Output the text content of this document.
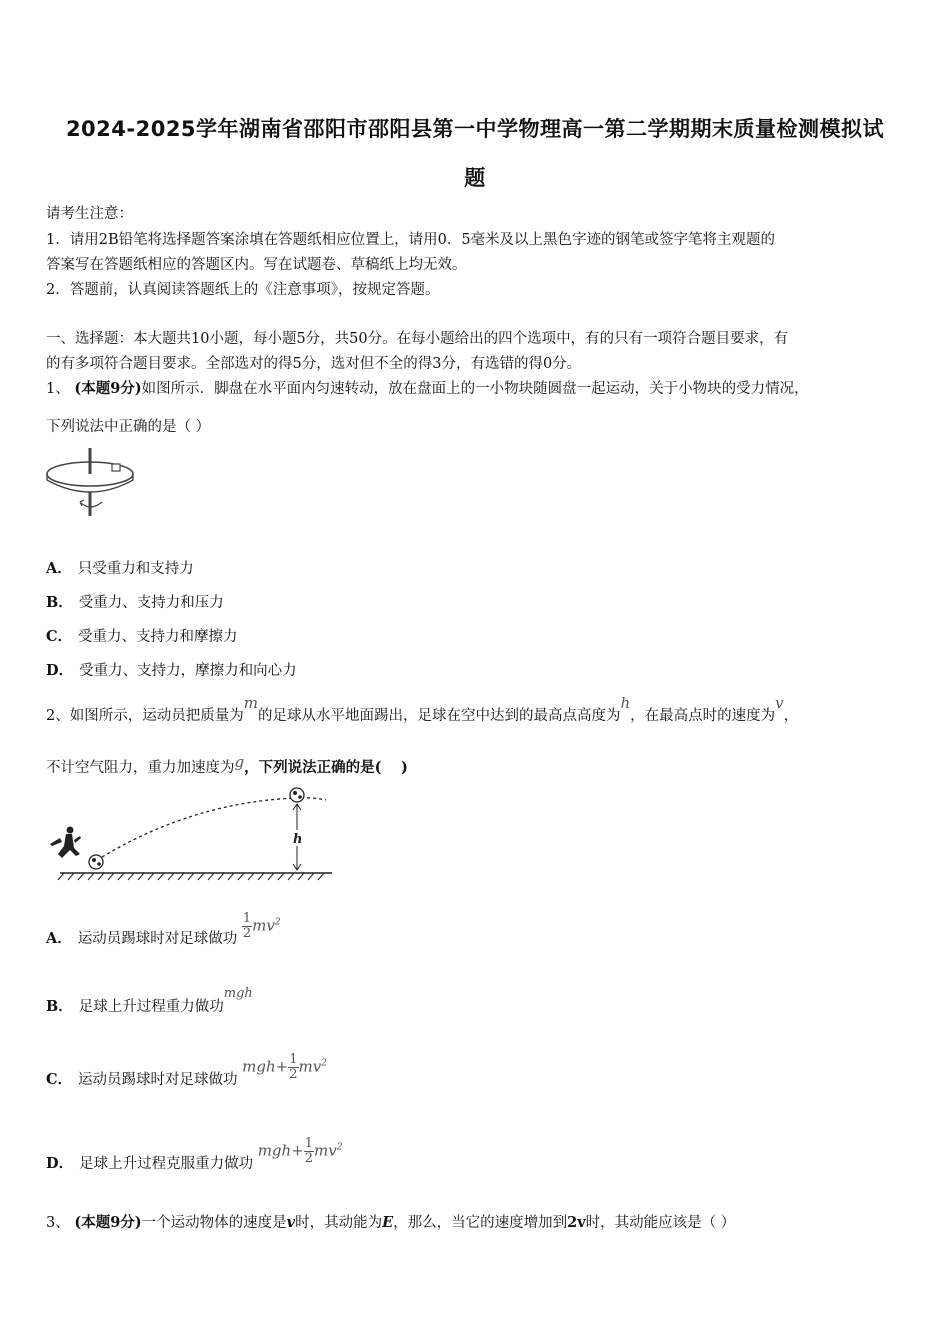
2024-2025学年湖南省邵阳市邵阳县第一中学物理高一第二学期期末质量检测模拟试
题
请考生注意：
1．请用2B铅笔将选择题答案涂填在答题纸相应位置上，请用0．5毫米及以上黑色字迹的钢笔或签字笔将主观题的
答案写在答题纸相应的答题区内。写在试题卷、草稿纸上均无效。
2．答题前，认真阅读答题纸上的《注意事项》，按规定答题。
一、选择题：本大题共10小题，每小题5分，共50分。在每小题给出的四个选项中，有的只有一项符合题目要求，有
的有多项符合题目要求。全部选对的得5分，选对但不全的得3分，有选错的得0分。
1、 (本题9分)如图所示．脚盘在水平面内匀速转动，放在盘面上的一小物块随圆盘一起运动，关于小物块的受力情况，
下列说法中正确的是（ ）
A． 只受重力和支持力
B． 受重力、支持力和压力
C． 受重力、支持力和摩擦力
D． 受重力、支持力，摩擦力和向心力
2、如图所示，运动员把质量为m的足球从水平地面踢出，足球在空中达到的最高点高度为h，在最高点时的速度为v，
不计空气阻力，重力加速度为g，下列说法正确的是(　 )
h
A． 运动员踢球时对足球做功 $\frac{1}{2} mv^2$
B． 足球上升过程重力做功mgh
C． 运动员踢球时对足球做功 $mgh+ \frac{1}{2} mv^2$
D． 足球上升过程克服重力做功 $mgh+ \frac{1}{2} mv^2$
3、 (本题9分)一个运动物体的速度是v时，其动能为E，那么，当它的速度增加到2v时，其动能应该是（ ）
